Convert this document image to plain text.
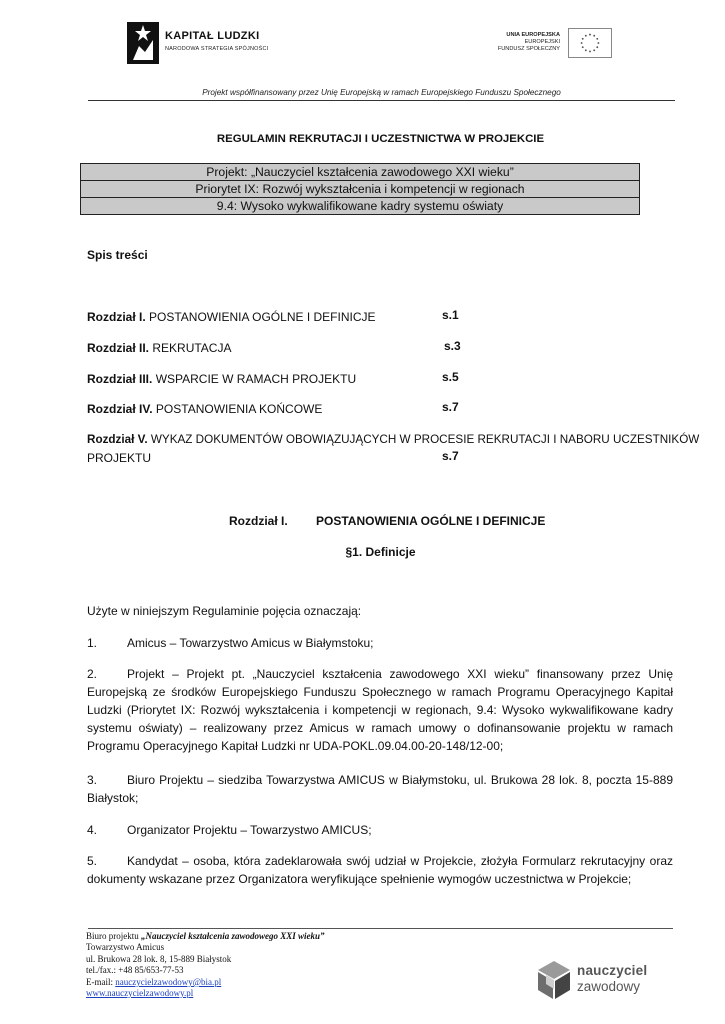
KAPITAŁ LUDZKI
NARODOWA STRATEGIA SPÓJNOŚCI
UNIA EUROPEJSKA
EUROPEJSKI
FUNDUSZ SPOŁECZNY
Projekt współfinansowany przez Unię Europejską w ramach Europejskiego Funduszu Społecznego
REGULAMIN REKRUTACJI I UCZESTNICTWA W PROJEKCIE
Projekt: „Nauczyciel kształcenia zawodowego XXI wieku”
Priorytet IX: Rozwój wykształcenia i kompetencji w regionach
9.4: Wysoko wykwalifikowane kadry systemu oświaty
Spis treści
Rozdział I. POSTANOWIENIA OGÓLNE I DEFINICJE	s.1
Rozdział II. REKRUTACJA	s.3
Rozdział III. WSPARCIE W RAMACH PROJEKTU	s.5
Rozdział IV. POSTANOWIENIA KOŃCOWE	s.7
Rozdział V. WYKAZ DOKUMENTÓW OBOWIĄZUJĄCYCH W PROCESIE REKRUTACJI I NABORU UCZESTNIKÓW
PROJEKTU	s.7
Rozdział I. POSTANOWIENIA OGÓLNE I DEFINICJE
§1. Definicje
Użyte w niniejszym Regulaminie pojęcia oznaczają:
1. Amicus – Towarzystwo Amicus w Białymstoku;
2. Projekt – Projekt pt. „Nauczyciel kształcenia zawodowego XXI wieku” finansowany przez Unię Europejską ze środków Europejskiego Funduszu Społecznego w ramach Programu Operacyjnego Kapitał Ludzki (Priorytet IX: Rozwój wykształcenia i kompetencji w regionach, 9.4: Wysoko wykwalifikowane kadry systemu oświaty) – realizowany przez Amicus w ramach umowy o dofinansowanie projektu w ramach Programu Operacyjnego Kapitał Ludzki nr UDA-POKL.09.04.00-20-148/12-00;
3. Biuro Projektu – siedziba Towarzystwa AMICUS w Białymstoku, ul. Brukowa 28 lok. 8, poczta 15-889 Białystok;
4. Organizator Projektu – Towarzystwo AMICUS;
5. Kandydat – osoba, która zadeklarowała swój udział w Projekcie, złożyła Formularz rekrutacyjny oraz dokumenty wskazane przez Organizatora weryfikujące spełnienie wymogów uczestnictwa w Projekcie;
Biuro projektu „Nauczyciel kształcenia zawodowego XXI wieku”
Towarzystwo Amicus
ul. Brukowa 28 lok. 8, 15-889 Białystok
tel./fax.: +48 85/653-77-53
E-mail: nauczycielzawodowy@bia.pl
www.nauczycielzawodowy.pl
nauczyciel
zawodowy
